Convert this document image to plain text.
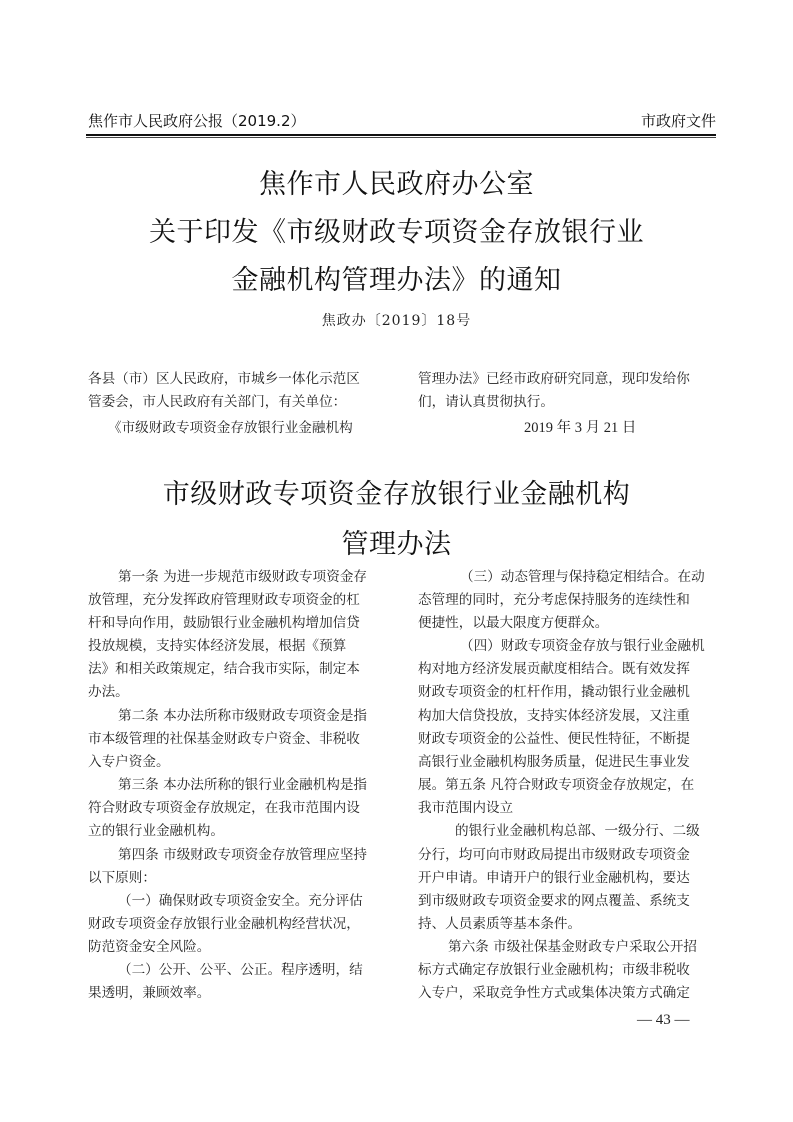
焦作市人民政府公报（2019.2）	市政府文件
焦作市人民政府办公室
关于印发《市级财政专项资金存放银行业
金融机构管理办法》的通知
焦政办〔2019〕18号
各县（市）区人民政府，市城乡一体化示范区
管委会，市人民政府有关部门，有关单位：
《市级财政专项资金存放银行业金融机构
管理办法》已经市政府研究同意，现印发给你
们，请认真贯彻执行。
2019 年 3 月 21 日
市级财政专项资金存放银行业金融机构
管理办法
第一条 为进一步规范市级财政专项资金存
放管理，充分发挥政府管理财政专项资金的杠
杆和导向作用，鼓励银行业金融机构增加信贷
投放规模，支持实体经济发展，根据《预算
法》和相关政策规定，结合我市实际，制定本
办法。
第二条 本办法所称市级财政专项资金是指
市本级管理的社保基金财政专户资金、非税收
入专户资金。
第三条 本办法所称的银行业金融机构是指
符合财政专项资金存放规定，在我市范围内设
立的银行业金融机构。
第四条 市级财政专项资金存放管理应坚持
以下原则：
（一）确保财政专项资金安全。充分评估
财政专项资金存放银行业金融机构经营状况，
防范资金安全风险。
（二）公开、公平、公正。程序透明，结
果透明，兼顾效率。
（三）动态管理与保持稳定相结合。在动
态管理的同时，充分考虑保持服务的连续性和
便捷性，以最大限度方便群众。
（四）财政专项资金存放与银行业金融机
构对地方经济发展贡献度相结合。既有效发挥
财政专项资金的杠杆作用，撬动银行业金融机
构加大信贷投放，支持实体经济发展，又注重
财政专项资金的公益性、便民性特征，不断提
高银行业金融机构服务质量，促进民生事业发
展。第五条 凡符合财政专项资金存放规定，在
我市范围内设立
的银行业金融机构总部、一级分行、二级
分行，均可向市财政局提出市级财政专项资金
开户申请。申请开户的银行业金融机构，要达
到市级财政专项资金要求的网点覆盖、系统支
持、人员素质等基本条件。
第六条 市级社保基金财政专户采取公开招
标方式确定存放银行业金融机构；市级非税收
入专户，采取竞争性方式或集体决策方式确定
— 43 —
